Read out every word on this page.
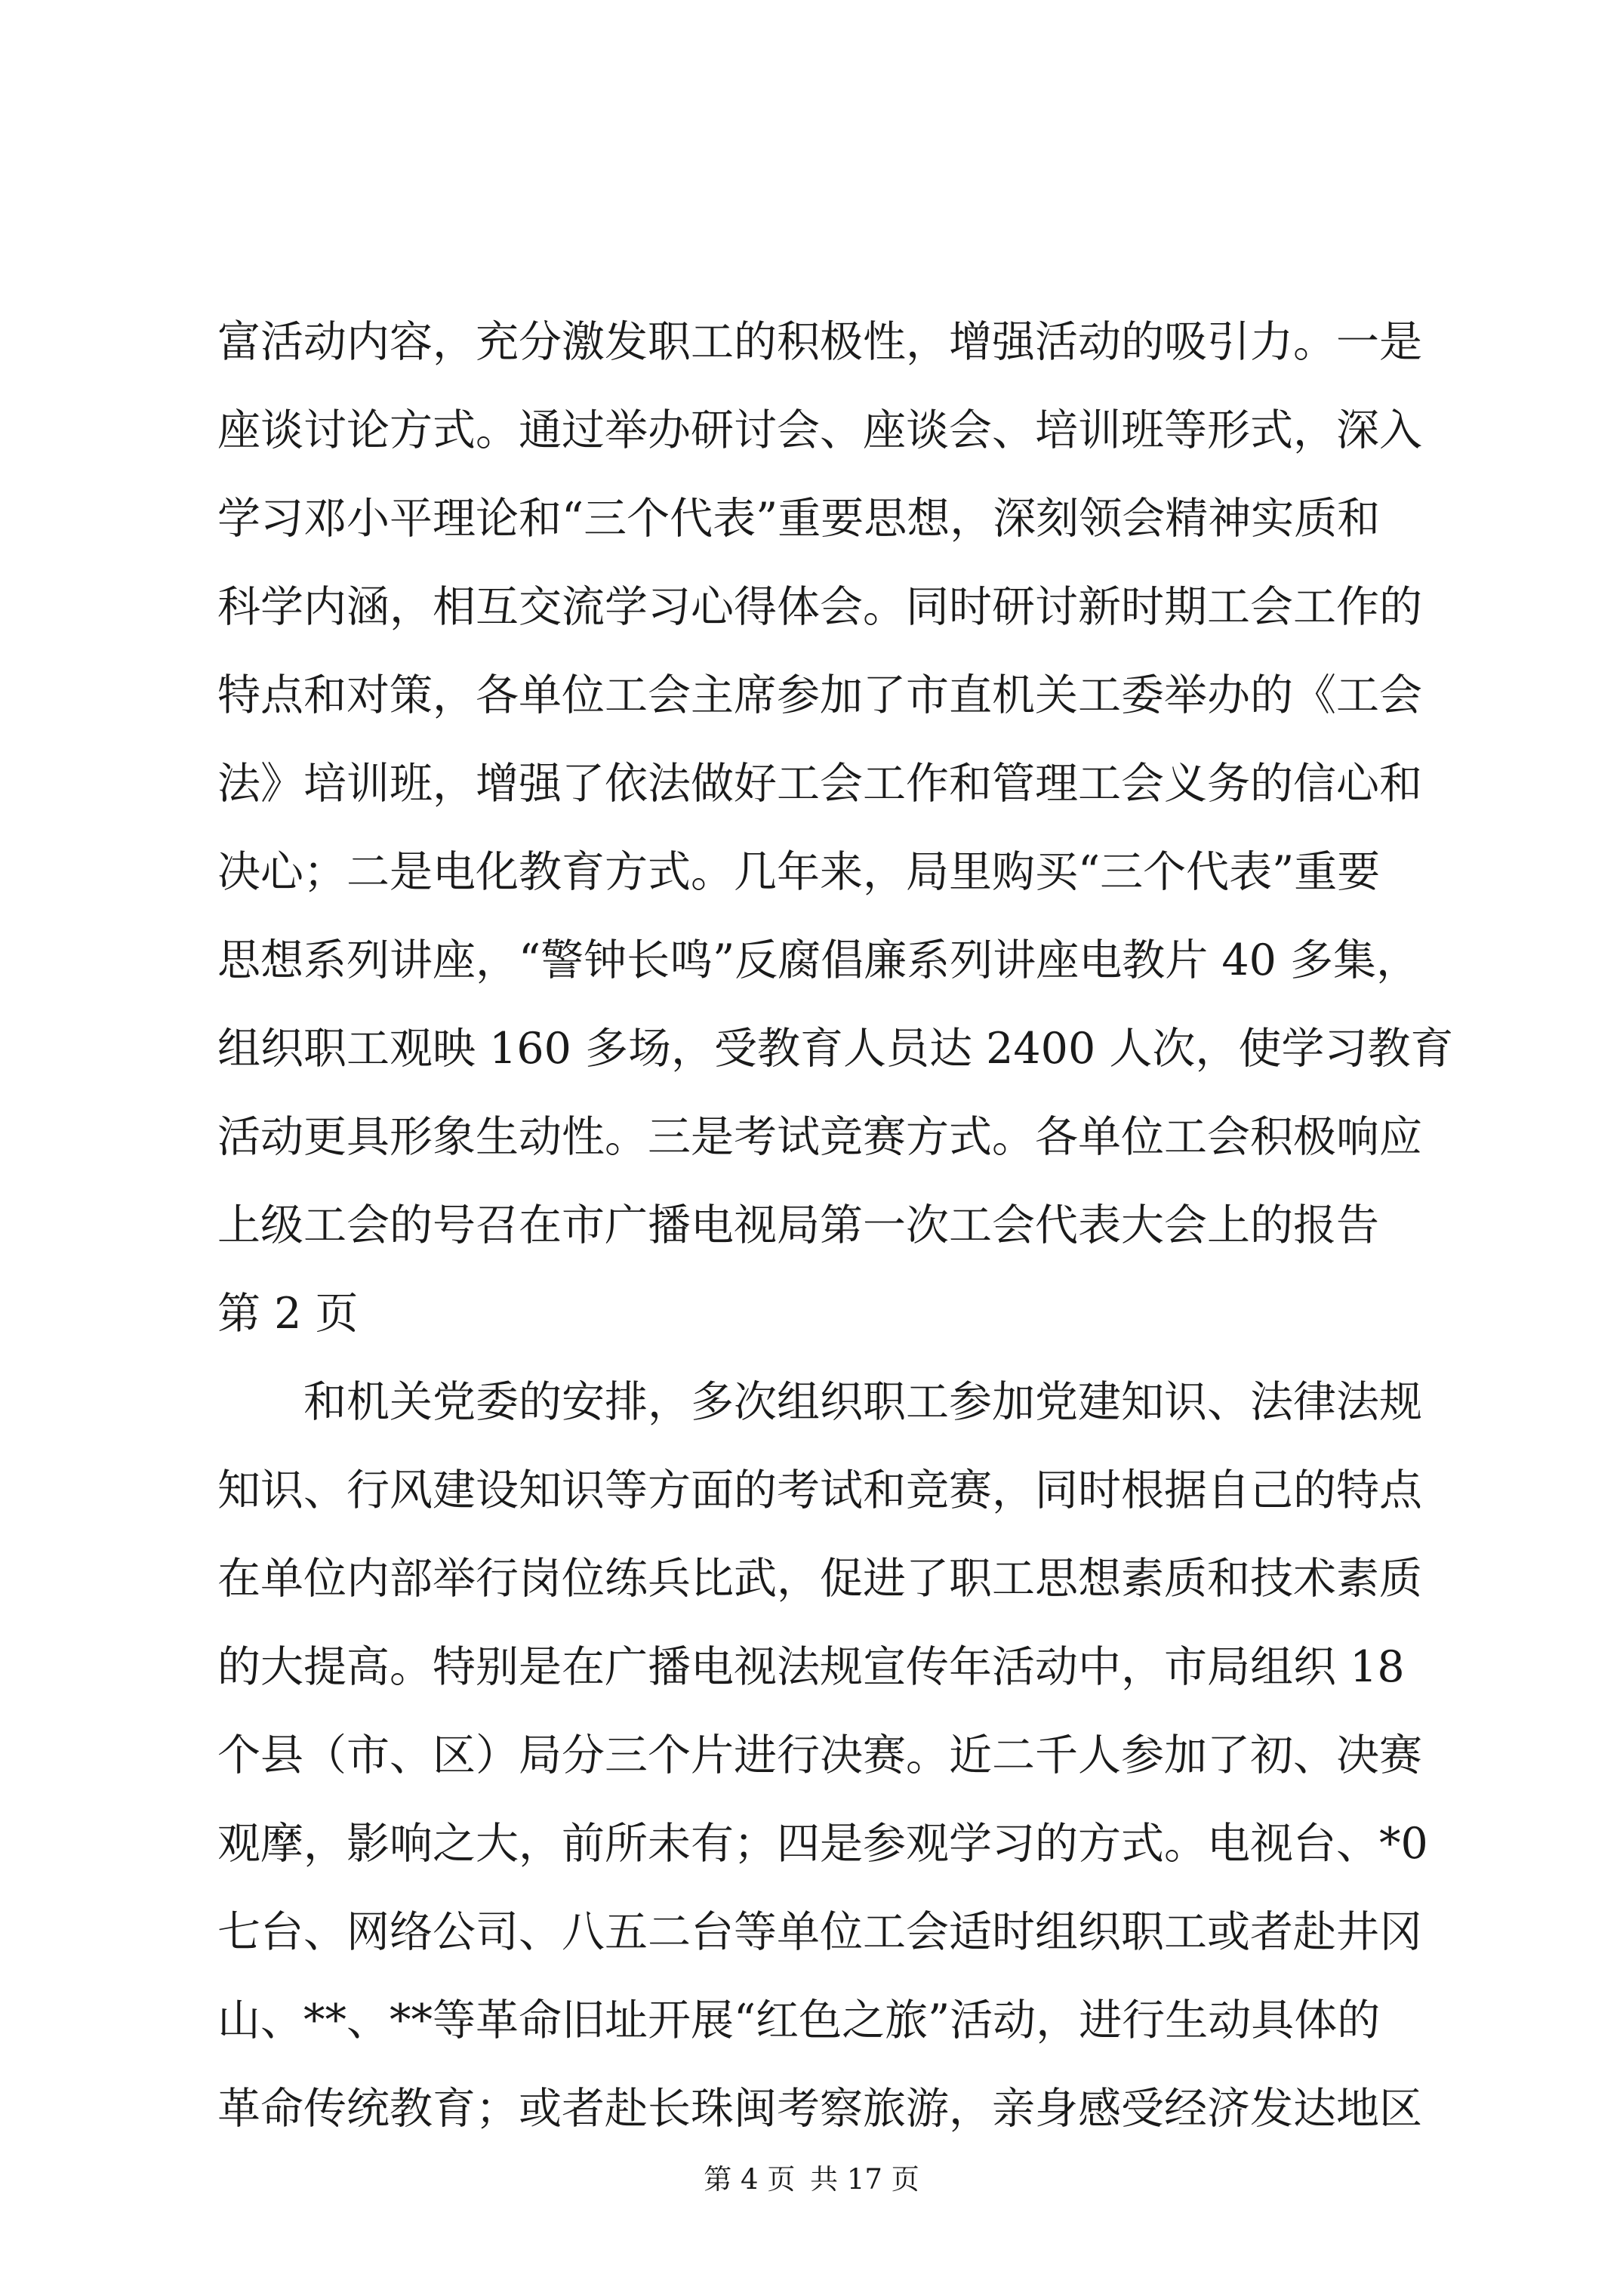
富活动内容，充分激发职工的积极性，增强活动的吸引力。一是
座谈讨论方式。通过举办研讨会、座谈会、培训班等形式，深入
学习邓小平理论和“三个代表”重要思想，深刻领会精神实质和
科学内涵，相互交流学习心得体会。同时研讨新时期工会工作的
特点和对策，各单位工会主席参加了市直机关工委举办的《工会
法》培训班，增强了依法做好工会工作和管理工会义务的信心和
决心；二是电化教育方式。几年来，局里购买“三个代表”重要
思想系列讲座，“警钟长鸣”反腐倡廉系列讲座电教片 40 多集，
组织职工观映 160 多场，受教育人员达 2400 人次，使学习教育
活动更具形象生动性。三是考试竞赛方式。各单位工会积极响应
上级工会的号召在市广播电视局第一次工会代表大会上的报告
第 2 页
和机关党委的安排，多次组织职工参加党建知识、法律法规
知识、行风建设知识等方面的考试和竞赛，同时根据自己的特点
在单位内部举行岗位练兵比武，促进了职工思想素质和技术素质
的大提高。特别是在广播电视法规宣传年活动中，市局组织 18
个县（市、区）局分三个片进行决赛。近二千人参加了初、决赛
观摩，影响之大，前所未有；四是参观学习的方式。电视台、*0
七台、网络公司、八五二台等单位工会适时组织职工或者赴井冈
山、**、**等革命旧址开展“红色之旅”活动，进行生动具体的
革命传统教育；或者赴长珠闽考察旅游，亲身感受经济发达地区
第 4 页 共 17 页
